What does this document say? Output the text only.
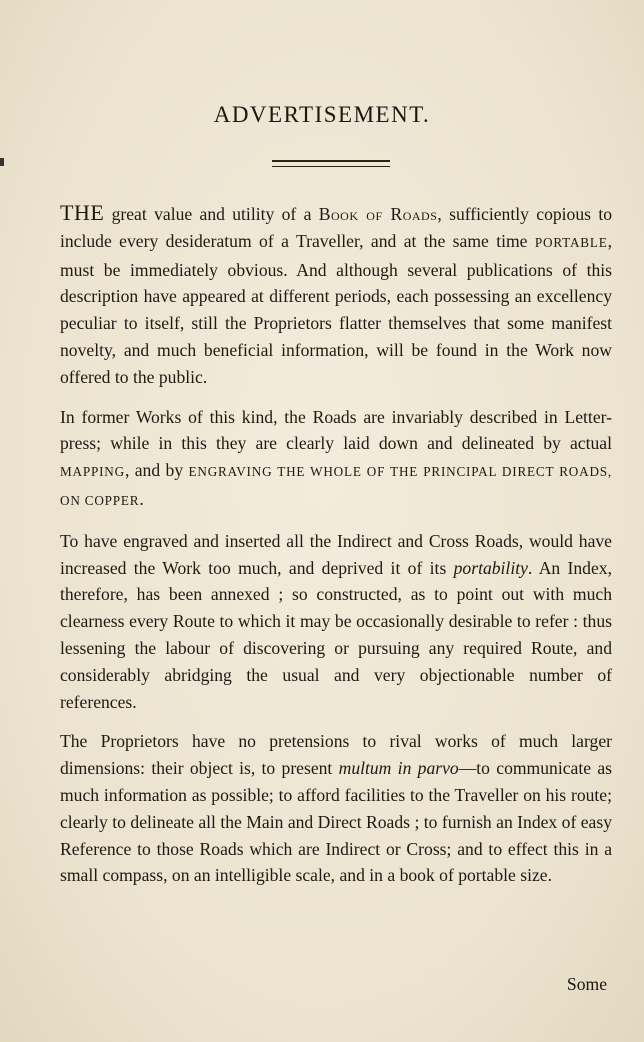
ADVERTISEMENT.

THE great value and utility of a Book of Roads, sufficiently copious to include every desideratum of a Traveller, and at the same time PORTABLE, must be immediately obvious. And although several publications of this description have appeared at different periods, each possessing an excellency peculiar to itself, still the Proprietors flatter themselves that some manifest novelty, and much beneficial information, will be found in the Work now offered to the public.

In former Works of this kind, the Roads are invariably described in Letter-press; while in this they are clearly laid down and delineated by actual MAPPING, and by ENGRAVING THE WHOLE OF THE PRINCIPAL DIRECT ROADS, ON COPPER.

To have engraved and inserted all the Indirect and Cross Roads, would have increased the Work too much, and deprived it of its portability. An Index, therefore, has been annexed ; so constructed, as to point out with much clearness every Route to which it may be occasionally desirable to refer : thus lessening the labour of discovering or pursuing any required Route, and considerably abridging the usual and very objectionable number of references.

The Proprietors have no pretensions to rival works of much larger dimensions: their object is, to present multum in parvo—to communicate as much information as possible; to afford facilities to the Traveller on his route; clearly to delineate all the Main and Direct Roads ; to furnish an Index of easy Reference to those Roads which are Indirect or Cross; and to effect this in a small compass, on an intelligible scale, and in a book of portable size.

Some
